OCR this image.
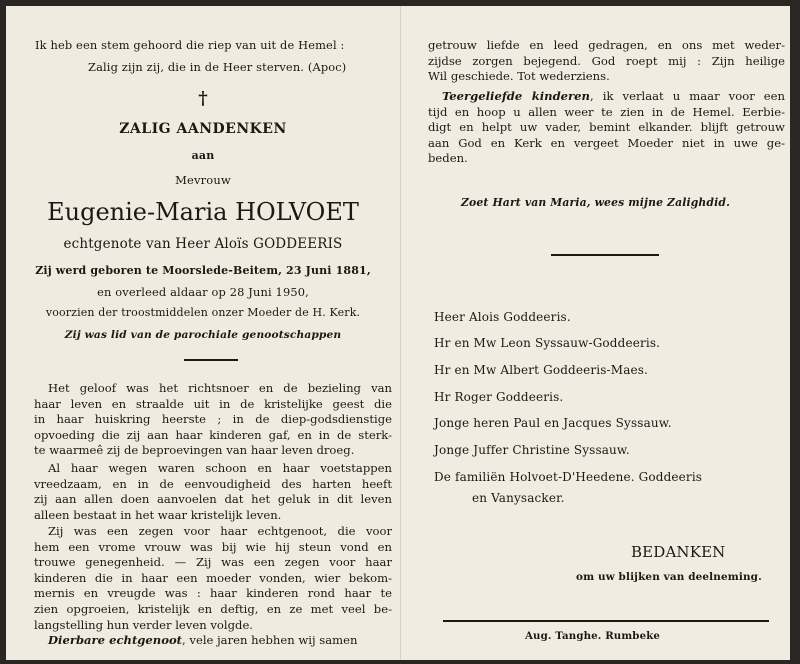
Ik heb een stem gehoord die riep van uit de Hemel :
Zalig zijn zij, die in de Heer sterven. (Apoc)
†
ZALIG AANDENKEN
aan
Mevrouw
Eugenie-Maria HOLVOET
echtgenote van Heer Aloïs GODDEERIS
Zij werd geboren te Moorslede-Beitem, 23 Juni 1881,
en overleed aldaar op 28 Juni 1950,
voorzien der troostmiddelen onzer Moeder de H. Kerk.
Zij was lid van de parochiale genootschappen
Het geloof was het richtsnoer en de bezieling van
haar leven en straalde uit in de kristelijke geest die
in haar huiskring heerste ; in de diep-godsdienstige
opvoeding die zij aan haar kinderen gaf, en in de sterk-
te waarmeê zij de beproevingen van haar leven droeg.
Al haar wegen waren schoon en haar voetstappen
vreedzaam, en in de eenvoudigheid des harten heeft
zij aan allen doen aanvoelen dat het geluk in dit leven
alleen bestaat in het waar kristelijk leven.
Zij was een zegen voor haar echtgenoot, die voor
hem een vrome vrouw was bij wie hij steun vond en
trouwe genegenheid. — Zij was een zegen voor haar
kinderen die in haar een moeder vonden, wier bekom-
mernis en vreugde was : haar kinderen rond haar te
zien opgroeien, kristelijk en deftig, en ze met veel be-
langstelling hun verder leven volgde.
Dierbare echtgenoot, vele jaren hebhen wij samen
getrouw liefde en leed gedragen, en ons met weder-
zijdse zorgen bejegend. God roept mij : Zijn heilige
Wil geschiede. Tot wederziens.
Teergeliefde kinderen, ik verlaat u maar voor een
tijd en hoop u allen weer te zien in de Hemel. Eerbie-
digt en helpt uw vader, bemint elkander. blijft getrouw
aan God en Kerk en vergeet Moeder niet in uwe ge-
beden.
Zoet Hart van Maria, wees mijne Zalighdid.
Heer Alois Goddeeris.
Hr en Mw Leon Syssauw-Goddeeris.
Hr en Mw Albert Goddeeris-Maes.
Hr Roger Goddeeris.
Jonge heren Paul en Jacques Syssauw.
Jonge Juffer Christine Syssauw.
De familiën Holvoet-D'Heedene. Goddeeris
en Vanysacker.
BEDANKEN
om uw blijken van deelneming.
Aug. Tanghe. Rumbeke
